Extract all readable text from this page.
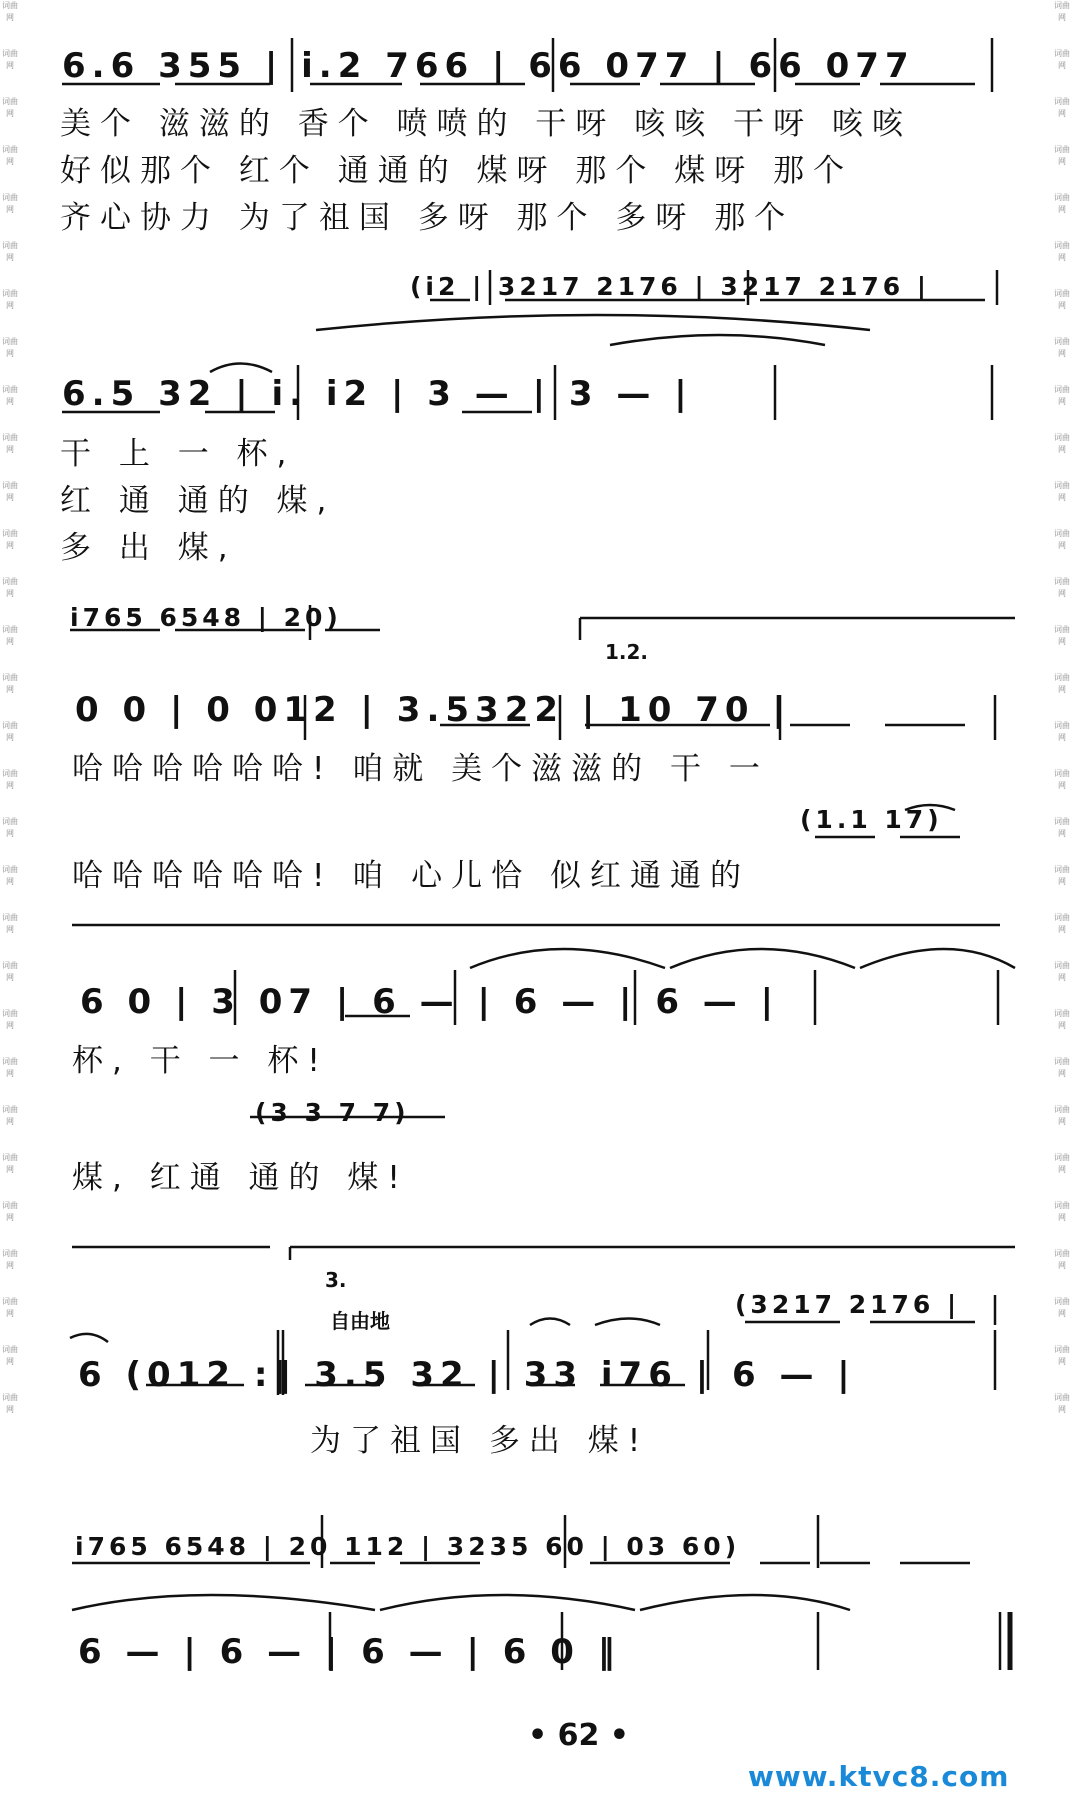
词曲网
词曲网
词曲网
词曲网
词曲网
词曲网
词曲网
词曲网
词曲网
词曲网
词曲网
词曲网
词曲网
词曲网
词曲网
词曲网
词曲网
词曲网
词曲网
词曲网
词曲网
词曲网
词曲网
词曲网
词曲网
词曲网
词曲网
词曲网
词曲网
词曲网
词曲网
词曲网
词曲网
词曲网
词曲网
词曲网
词曲网
词曲网
词曲网
词曲网
词曲网
词曲网
词曲网
词曲网
词曲网
词曲网
词曲网
词曲网
词曲网
词曲网
词曲网
词曲网
词曲网
词曲网
词曲网
词曲网
词曲网
词曲网
词曲网
词曲网
6.6 355 | i.2 766 | 66 077 | 66 077
美个 滋滋的 香个 喷喷的 干呀 咳咳 干呀 咳咳
好似那个 红个 通通的 煤呀 那个 煤呀 那个
齐心协力 为了祖国 多呀 那个 多呀 那个
(i2 | 3217 2176 | 3217 2176 |
6.5 32 | i. i2 | 3 — | 3 — |
干 上 一 杯,
红 通 通的 煤,
多 出 煤,
i765 6548 | 20)
1.2.
0 0 | 0 012 | 3.5322 | 10 70 |
哈哈哈哈哈哈! 咱就 美个滋滋的 干 一
(1.1 17)
哈哈哈哈哈哈! 咱 心儿恰 似红通通的
6 0 | 3 07 | 6 — | 6 — | 6 — |
杯, 干 一 杯!
(3 3 7 7)
煤, 红通 通的 煤!
3.
自由地
(3217 2176 |
6 (012 :‖ 3.5 32 | 33 i76 | 6 — |
为了祖国 多出 煤!
i765 6548 | 20 112 | 3235 60 | 03 60)
6 — | 6 — | 6 — | 6 0 ‖
• 62 •
www.ktvc8.com
